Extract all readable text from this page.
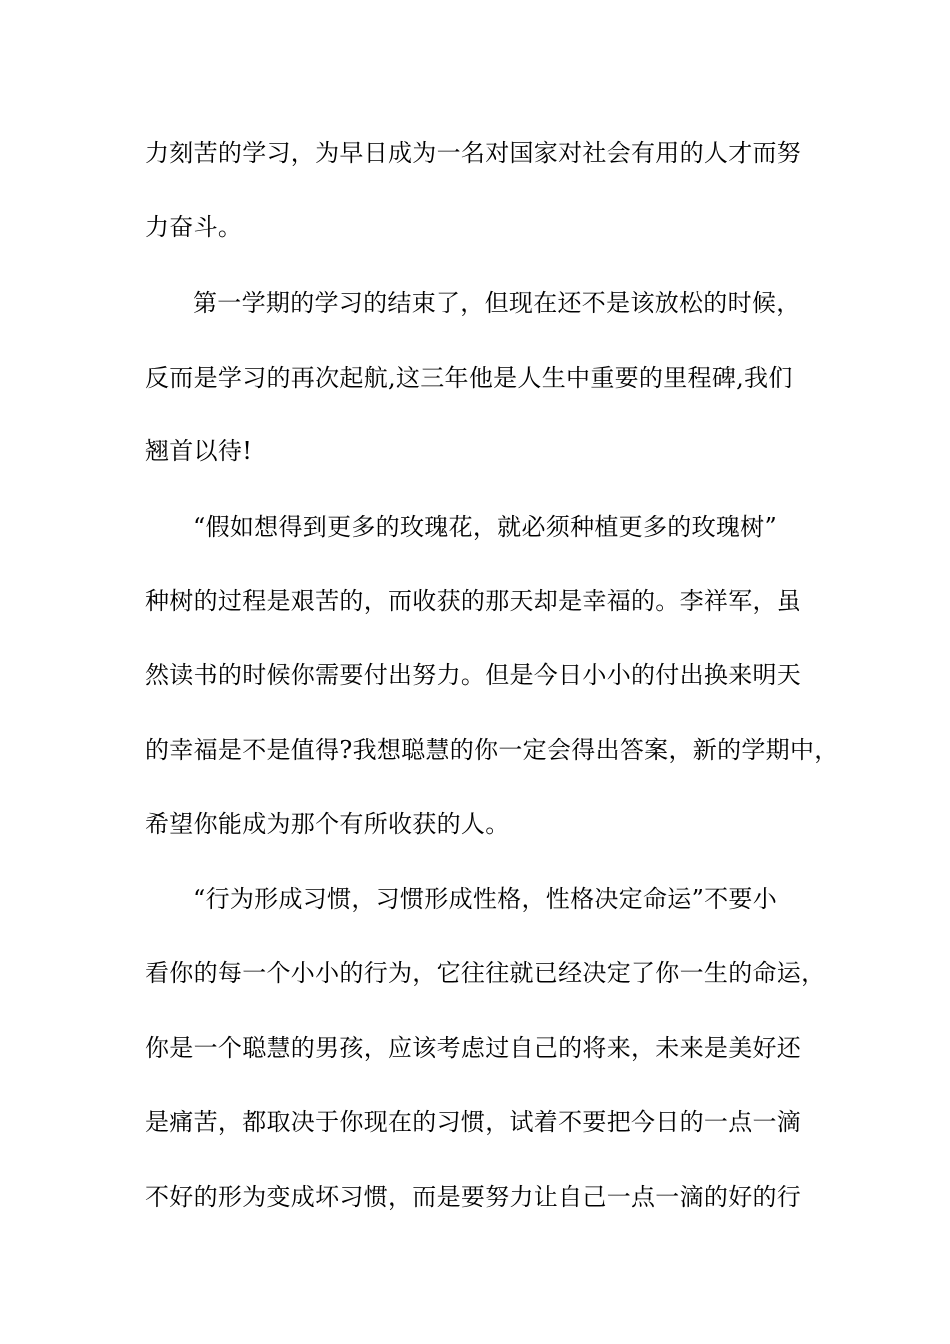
力刻苦的学习，为早日成为一名对国家对社会有用的人才而努
力奋斗。
第一学期的学习的结束了，但现在还不是该放松的时候，
反而是学习的再次起航,这三年他是人生中重要的里程碑,我们
翘首以待!
“假如想得到更多的玫瑰花，就必须种植更多的玫瑰树”
种树的过程是艰苦的，而收获的那天却是幸福的。李祥军，虽
然读书的时候你需要付出努力。但是今日小小的付出换来明天
的幸福是不是值得?我想聪慧的你一定会得出答案，新的学期中，
希望你能成为那个有所收获的人。
“行为形成习惯，习惯形成性格，性格决定命运”不要小
看你的每一个小小的行为，它往往就已经决定了你一生的命运，
你是一个聪慧的男孩，应该考虑过自己的将来，未来是美好还
是痛苦，都取决于你现在的习惯，试着不要把今日的一点一滴
不好的形为变成坏习惯，而是要努力让自己一点一滴的好的行
